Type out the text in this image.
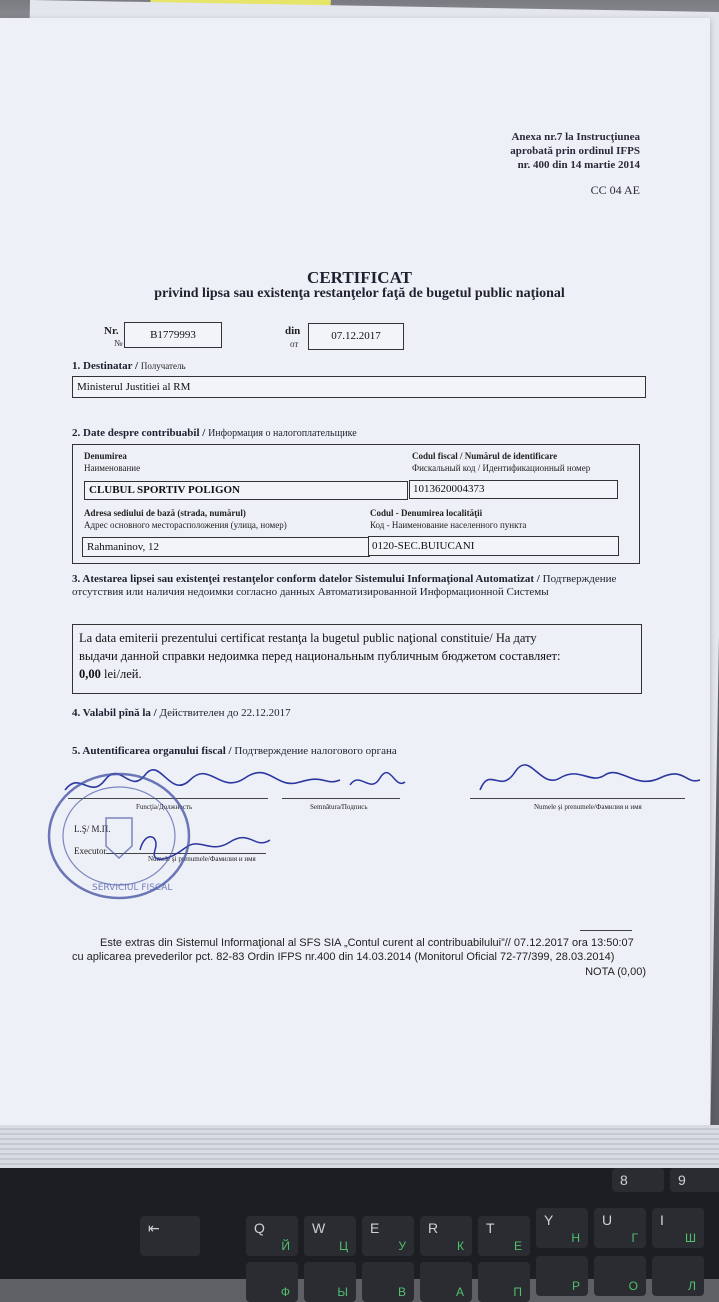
Anexa nr.7 la Instrucţiunea
aprobată prin ordinul IFPS
nr. 400 din 14 martie 2014
CC 04 AE
CERTIFICAT
privind lipsa sau existenţa restanţelor faţă de bugetul public naţional
Nr.
№
B1779993	din
от
07.12.2017
1. Destinatar / Получатель
Ministerul Justitiei al RM
2. Date despre contribuabil / Информация о налогоплательщике
Denumirea
Наименование
Codul fiscal / Numărul de identificare
Фискальный код / Идентификационный номер
CLUBUL SPORTIV POLIGON	1013620004373
Adresa sediului de bază (strada, numărul)
Адрес основного месторасположения (улица, номер)
Codul - Denumirea localităţii
Код - Наименование населенного пункта
Rahmaninov, 12	0120-SEC.BUIUCANI
3. Atestarea lipsei sau existenţei restanţelor conform datelor Sistemului Informaţional Automatizat / Подтверждение отсутствия или наличия недоимки согласно данных Автоматизированной Информационной Системы
La data emiterii prezentului certificat restanţa la bugetul public naţional constituie/ На дату
выдачи данной справки недоимка перед национальным публичным бюджетом составляет:
0,00 lei/лей.
4. Valabil pînă la / Действителен до 22.12.2017
5. Autentificarea organului fiscal / Подтверждение налогового органа
Funcţia/Должность	Semnătura/Подпись	Numele şi prenumele/Фамилия и имя
L.Ş/ М.П.
Executor
Numele şi prenumele/Фамилия и имя
SERVICIUL FISCAL
Este extras din Sistemul Informaţional al SFS SIA „Contul curent al contribuabilului”// 07.12.2017 ora 13:50:07
cu aplicarea prevederilor pct. 82-83 Ordin IFPS nr.400 din 14.03.2014 (Monitorul Oficial 72-77/399, 28.03.2014)
NOTA (0,00)
8	9
⇤	Q
Й
W
Ц
E
У
R
К
T
Е
Y
Н
U
Г
I
Ш
Ф	Ы	В	А	П	Р	О	Л
